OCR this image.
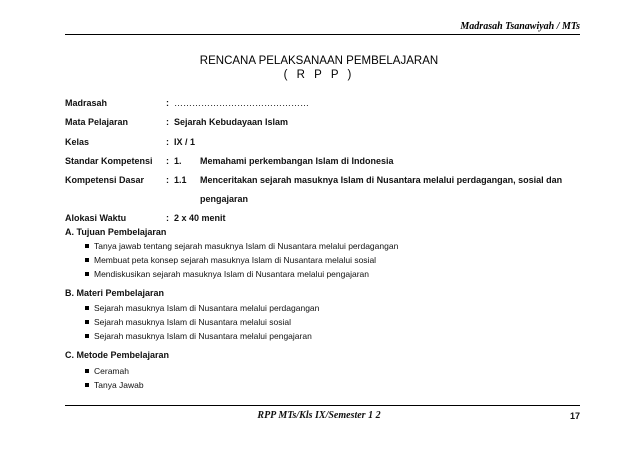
Madrasah Tsanawiyah / MTs
RENCANA PELAKSANAAN PEMBELAJARAN
( R P P )
Madrasah	: ………………………………………
Mata Pelajaran	: Sejarah Kebudayaan Islam
Kelas	: IX / 1
Standar Kompetensi : 1. Memahami perkembangan Islam di Indonesia
Kompetensi Dasar : 1.1 Menceritakan sejarah masuknya Islam di Nusantara melalui perdagangan, sosial dan
pengajaran
Alokasi Waktu	: 2 x 40 menit
A. Tujuan Pembelajaran
Tanya jawab tentang sejarah masuknya Islam di Nusantara melalui perdagangan
Membuat peta konsep sejarah masuknya Islam di Nusantara melalui sosial
Mendiskusikan sejarah masuknya Islam di Nusantara melalui pengajaran
B. Materi Pembelajaran
Sejarah masuknya Islam di Nusantara melalui perdagangan
Sejarah masuknya Islam di Nusantara melalui sosial
Sejarah masuknya Islam di Nusantara melalui pengajaran
C. Metode Pembelajaran
Ceramah
Tanya Jawab
RPP MTs/Kls IX/Semester 1 2	17
